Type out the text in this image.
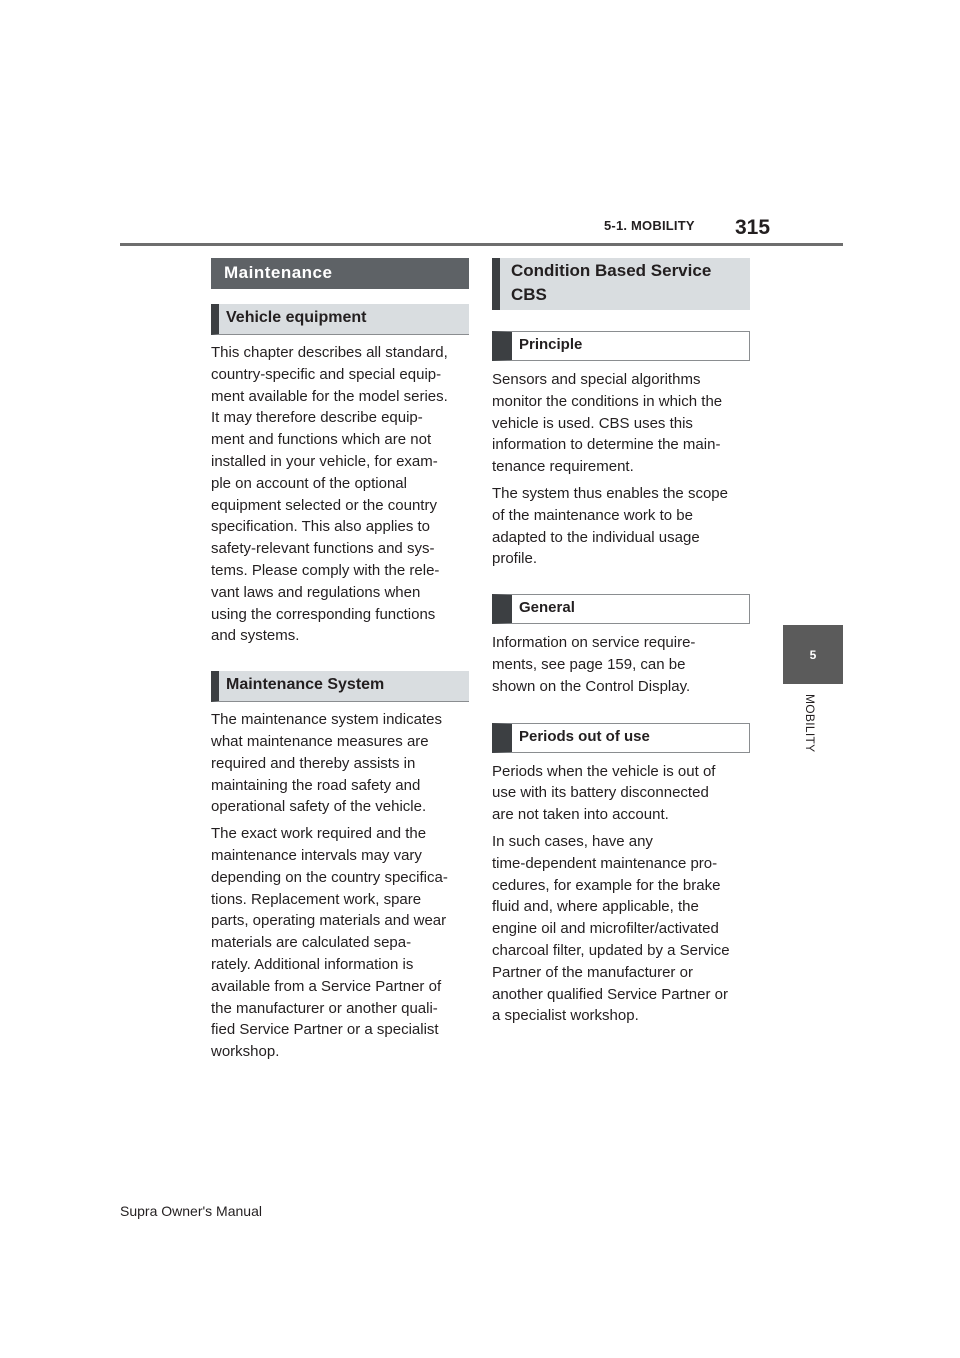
5-1. MOBILITY 315
5
MOBILITY
Maintenance
Vehicle equipment

This chapter describes all standard,
country-specific and special equip-
ment available for the model series.
It may therefore describe equip-
ment and functions which are not
installed in your vehicle, for exam-
ple on account of the optional
equipment selected or the country
specification. This also applies to
safety-relevant functions and sys-
tems. Please comply with the rele-
vant laws and regulations when
using the corresponding functions
and systems.

Maintenance System

The maintenance system indicates
what maintenance measures are
required and thereby assists in
maintaining the road safety and
operational safety of the vehicle.

The exact work required and the
maintenance intervals may vary
depending on the country specifica-
tions. Replacement work, spare
parts, operating materials and wear
materials are calculated sepa-
rately. Additional information is
available from a Service Partner of
the manufacturer or another quali-
fied Service Partner or a specialist
workshop.

Condition Based Service
CBS
Principle

Sensors and special algorithms
monitor the conditions in which the
vehicle is used. CBS uses this
information to determine the main-
tenance requirement.

The system thus enables the scope
of the maintenance work to be
adapted to the individual usage
profile.

General

Information on service require-
ments, see page 159, can be
shown on the Control Display.

Periods out of use

Periods when the vehicle is out of
use with its battery disconnected
are not taken into account.

In such cases, have any
time-dependent maintenance pro-
cedures, for example for the brake
fluid and, where applicable, the
engine oil and microfilter/activated
charcoal filter, updated by a Service
Partner of the manufacturer or
another qualified Service Partner or
a specialist workshop.

Supra Owner's Manual
